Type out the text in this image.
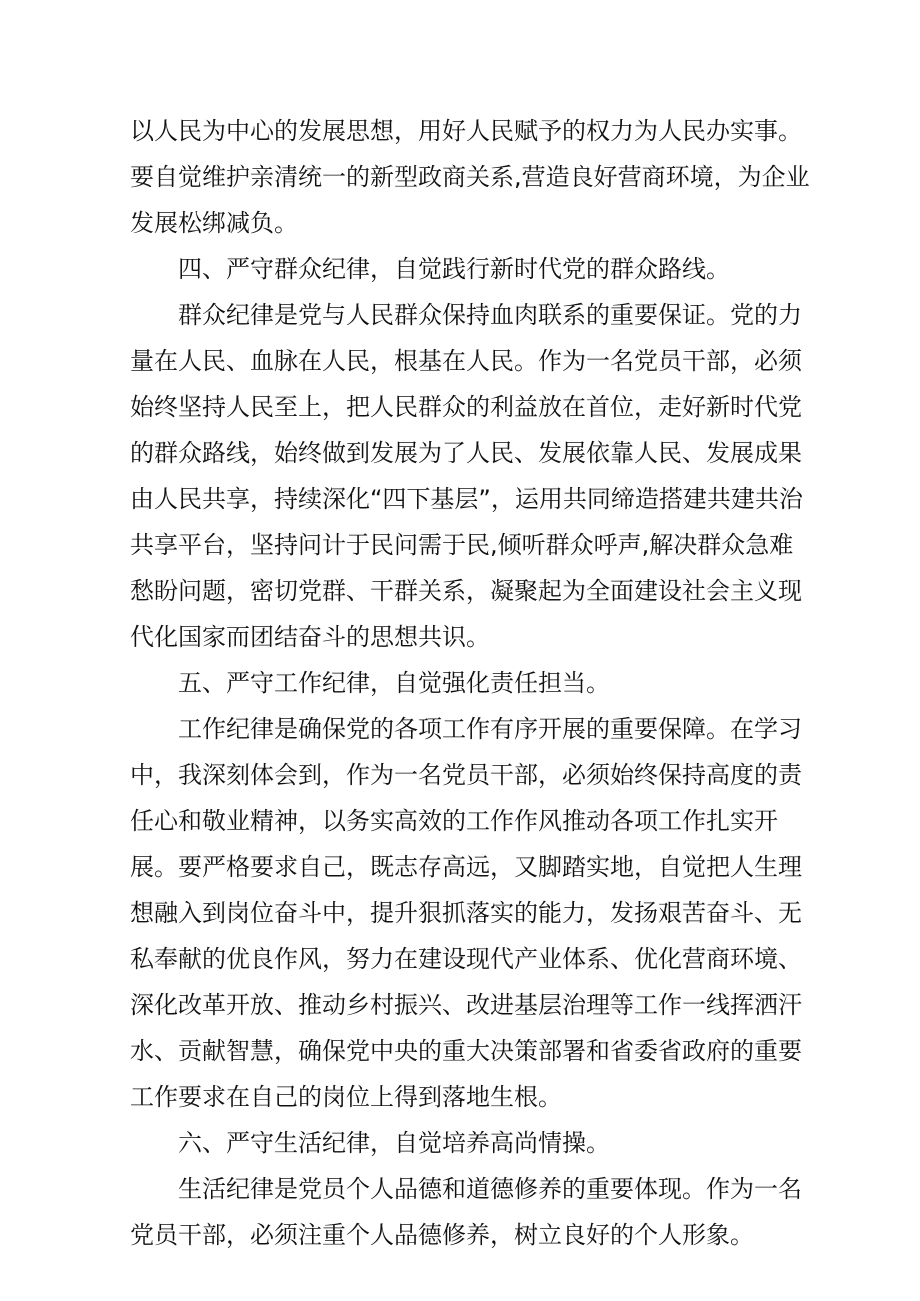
以人民为中心的发展思想，用好人民赋予的权力为人民办实事。要自觉维护亲清统一的新型政商关系,营造良好营商环境，为企业发展松绑减负。

四、严守群众纪律，自觉践行新时代党的群众路线。

群众纪律是党与人民群众保持血肉联系的重要保证。党的力量在人民、血脉在人民，根基在人民。作为一名党员干部，必须始终坚持人民至上，把人民群众的利益放在首位，走好新时代党的群众路线，始终做到发展为了人民、发展依靠人民、发展成果由人民共享，持续深化“四下基层”，运用共同缔造搭建共建共治共享平台，坚持问计于民问需于民,倾听群众呼声,解决群众急难愁盼问题，密切党群、干群关系，凝聚起为全面建设社会主义现代化国家而团结奋斗的思想共识。

五、严守工作纪律，自觉强化责任担当。

工作纪律是确保党的各项工作有序开展的重要保障。在学习中，我深刻体会到，作为一名党员干部，必须始终保持高度的责任心和敬业精神，以务实高效的工作作风推动各项工作扎实开展。要严格要求自己，既志存高远，又脚踏实地，自觉把人生理想融入到岗位奋斗中，提升狠抓落实的能力，发扬艰苦奋斗、无私奉献的优良作风，努力在建设现代产业体系、优化营商环境、深化改革开放、推动乡村振兴、改进基层治理等工作一线挥洒汗水、贡献智慧，确保党中央的重大决策部署和省委省政府的重要工作要求在自己的岗位上得到落地生根。

六、严守生活纪律，自觉培养高尚情操。

生活纪律是党员个人品德和道德修养的重要体现。作为一名党员干部，必须注重个人品德修养，树立良好的个人形象。
